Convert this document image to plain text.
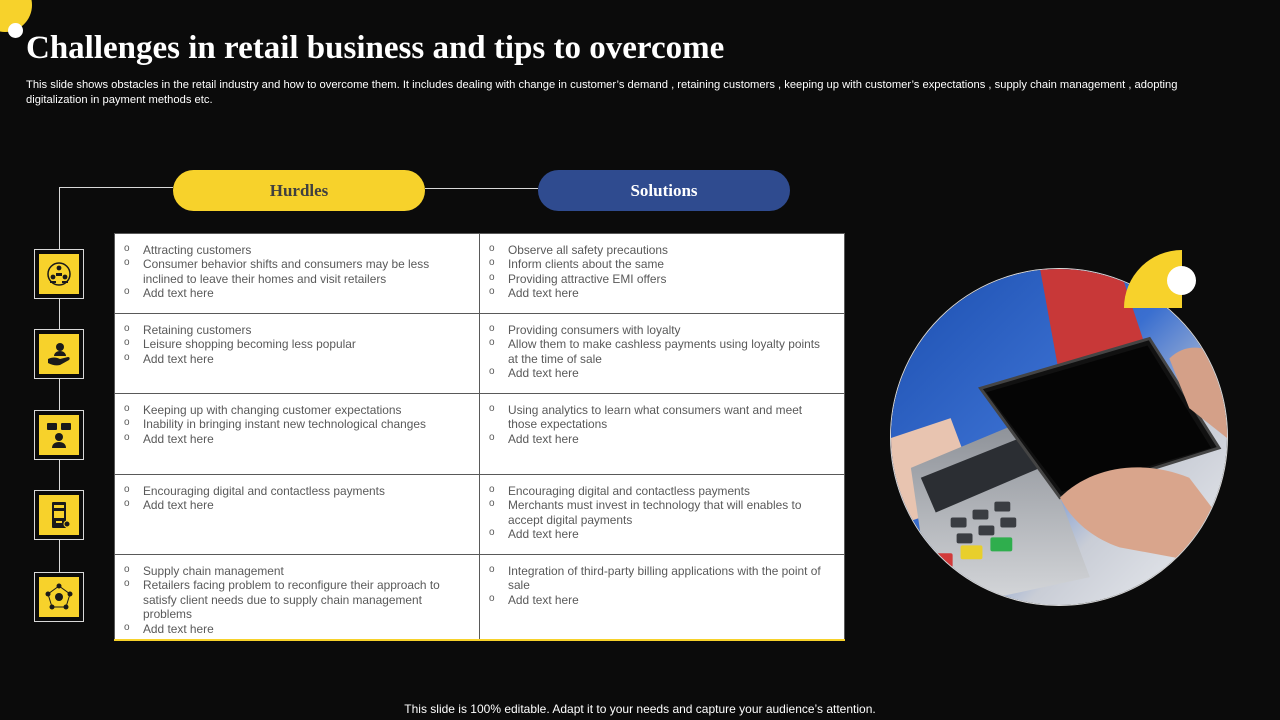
Challenges in retail business and tips to overcome

This slide shows obstacles in the retail industry and how to overcome them. It includes dealing with change in customer’s demand , retaining customers , keeping up with customer’s expectations , supply chain management , adopting digitalization in payment methods etc.

Hurdles	Solutions
o Attracting customers
o Consumer behavior shifts and consumers may be less inclined to leave their homes and visit retailers
o Add text here
o Observe all safety precautions
o Inform clients about the same
o Providing attractive EMI offers
o Add text here
o Retaining customers
o Leisure shopping becoming less popular
o Add text here
o Providing consumers with loyalty
o Allow them to make cashless payments using loyalty points at the time of sale
o Add text here
o Keeping up with changing customer expectations
o Inability in bringing instant new technological changes
o Add text here
o Using analytics to learn what consumers want and meet those expectations
o Add text here
o Encouraging digital and contactless payments
o Add text here
o Encouraging digital and contactless payments
o Merchants must invest in technology that will enables to accept digital payments
o Add text here
o Supply chain management
o Retailers facing problem to reconfigure their approach to satisfy client needs due to supply chain management problems
o Add text here
o Integration of third-party billing applications with the point of sale
o Add text here
This slide is 100% editable. Adapt it to your needs and capture your audience’s attention.
